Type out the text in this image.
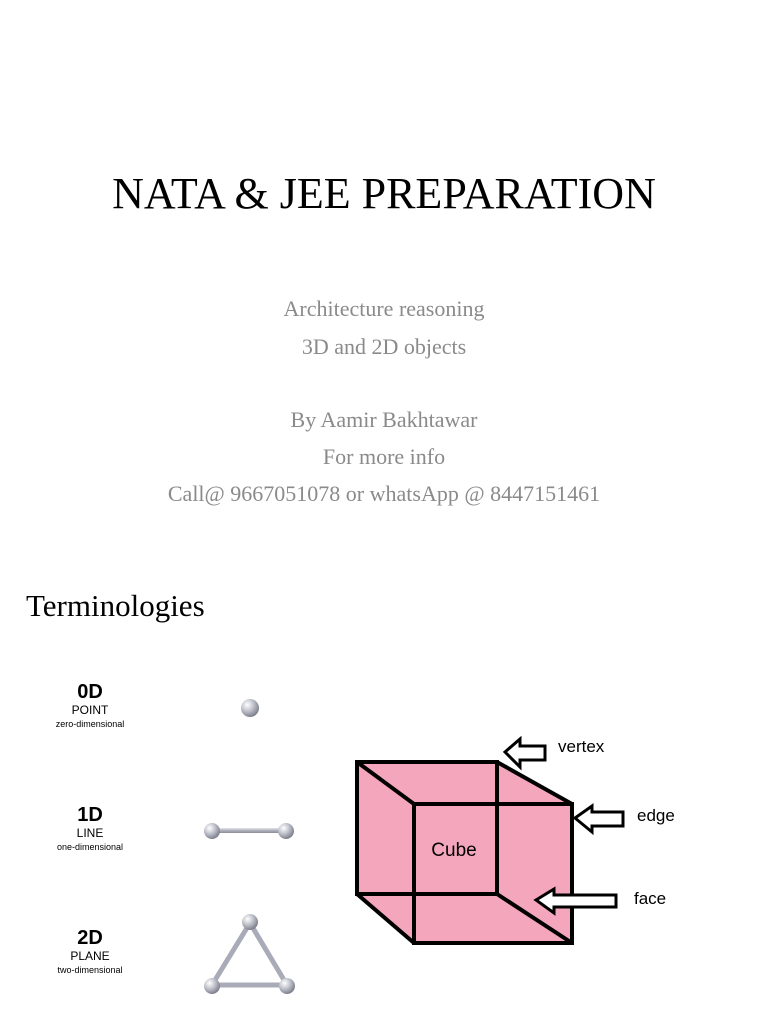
NATA & JEE PREPARATION
Architecture reasoning
3D and 2D objects
By Aamir Bakhtawar
For more info
Call@ 9667051078 or whatsApp @ 8447151461
Terminologies
0D
POINT
zero-dimensional
1D
LINE
one-dimensional
2D
PLANE
two-dimensional
Cube
vertex
edge
face
